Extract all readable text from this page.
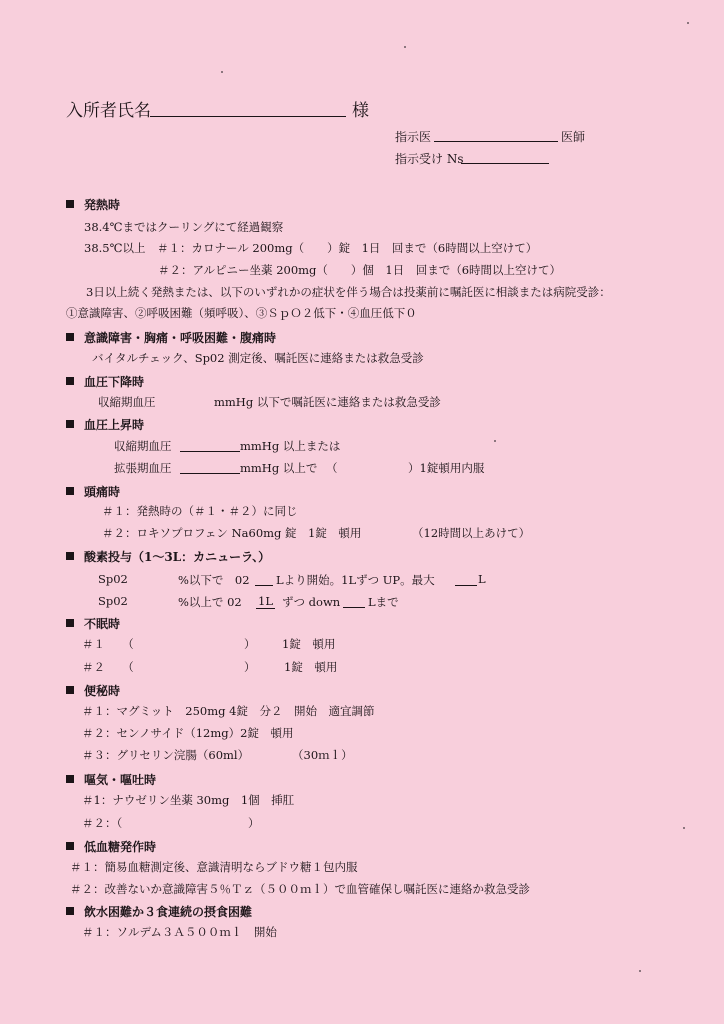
入所者氏名	様
指示医	医師
指示受け Ns
発熱時
38.4℃まではクーリングにて経過観察
38.5℃以上　＃１：カロナール 200mg（　　）錠　1日　回まで（6時間以上空けて）
＃２：アルピニー坐薬 200mg（　　）個　1日　回まで（6時間以上空けて）
3日以上続く発熱または、以下のいずれかの症状を伴う場合は投薬前に嘱託医に相談または病院受診：
①意識障害、②呼吸困難（頻呼吸）、③ＳｐＯ２低下・④血圧低下０
意識障害・胸痛・呼吸困難・腹痛時
バイタルチェック、Sp02 測定後、嘱託医に連絡または救急受診
血圧下降時
収縮期血圧	mmHg 以下で嘱託医に連絡または救急受診
血圧上昇時
収縮期血圧	mmHg 以上または
拡張期血圧	mmHg 以上で （	）1錠頓用内服
頭痛時
＃１：発熱時の（＃１・＃２）に同じ
＃２：ロキソプロフェン Na60mg 錠　1錠　頓用	（12時間以上あけて）
酸素投与（1～3L：カニューラ、）
Sp02	%以下で　02 Lより開始。1Lずつ UP。最大	L
Sp02	%以上で 02 1L ずつ down Lまで
不眠時
＃１　　（	） 1錠　頓用
＃２　　（	） 1錠　頓用
便秘時
＃１：マグミット　250mg 4錠　分２　開始　適宜調節
＃２：センノサイド（12mg）2錠　頓用
＃３：グリセリン浣腸（60ml）	（30ｍｌ）
嘔気・嘔吐時
＃1：ナウゼリン坐薬 30mg　1個　挿肛
＃２：（	）
低血糖発作時
＃１：簡易血糖測定後、意識清明ならブドウ糖１包内服
＃２：改善ないか意識障害５％Ｔｚ（５００ｍｌ）で血管確保し嘱託医に連絡か救急受診
飲水困難か３食連続の摂食困難
＃１：ソルデム３Ａ５００ｍｌ　開始
